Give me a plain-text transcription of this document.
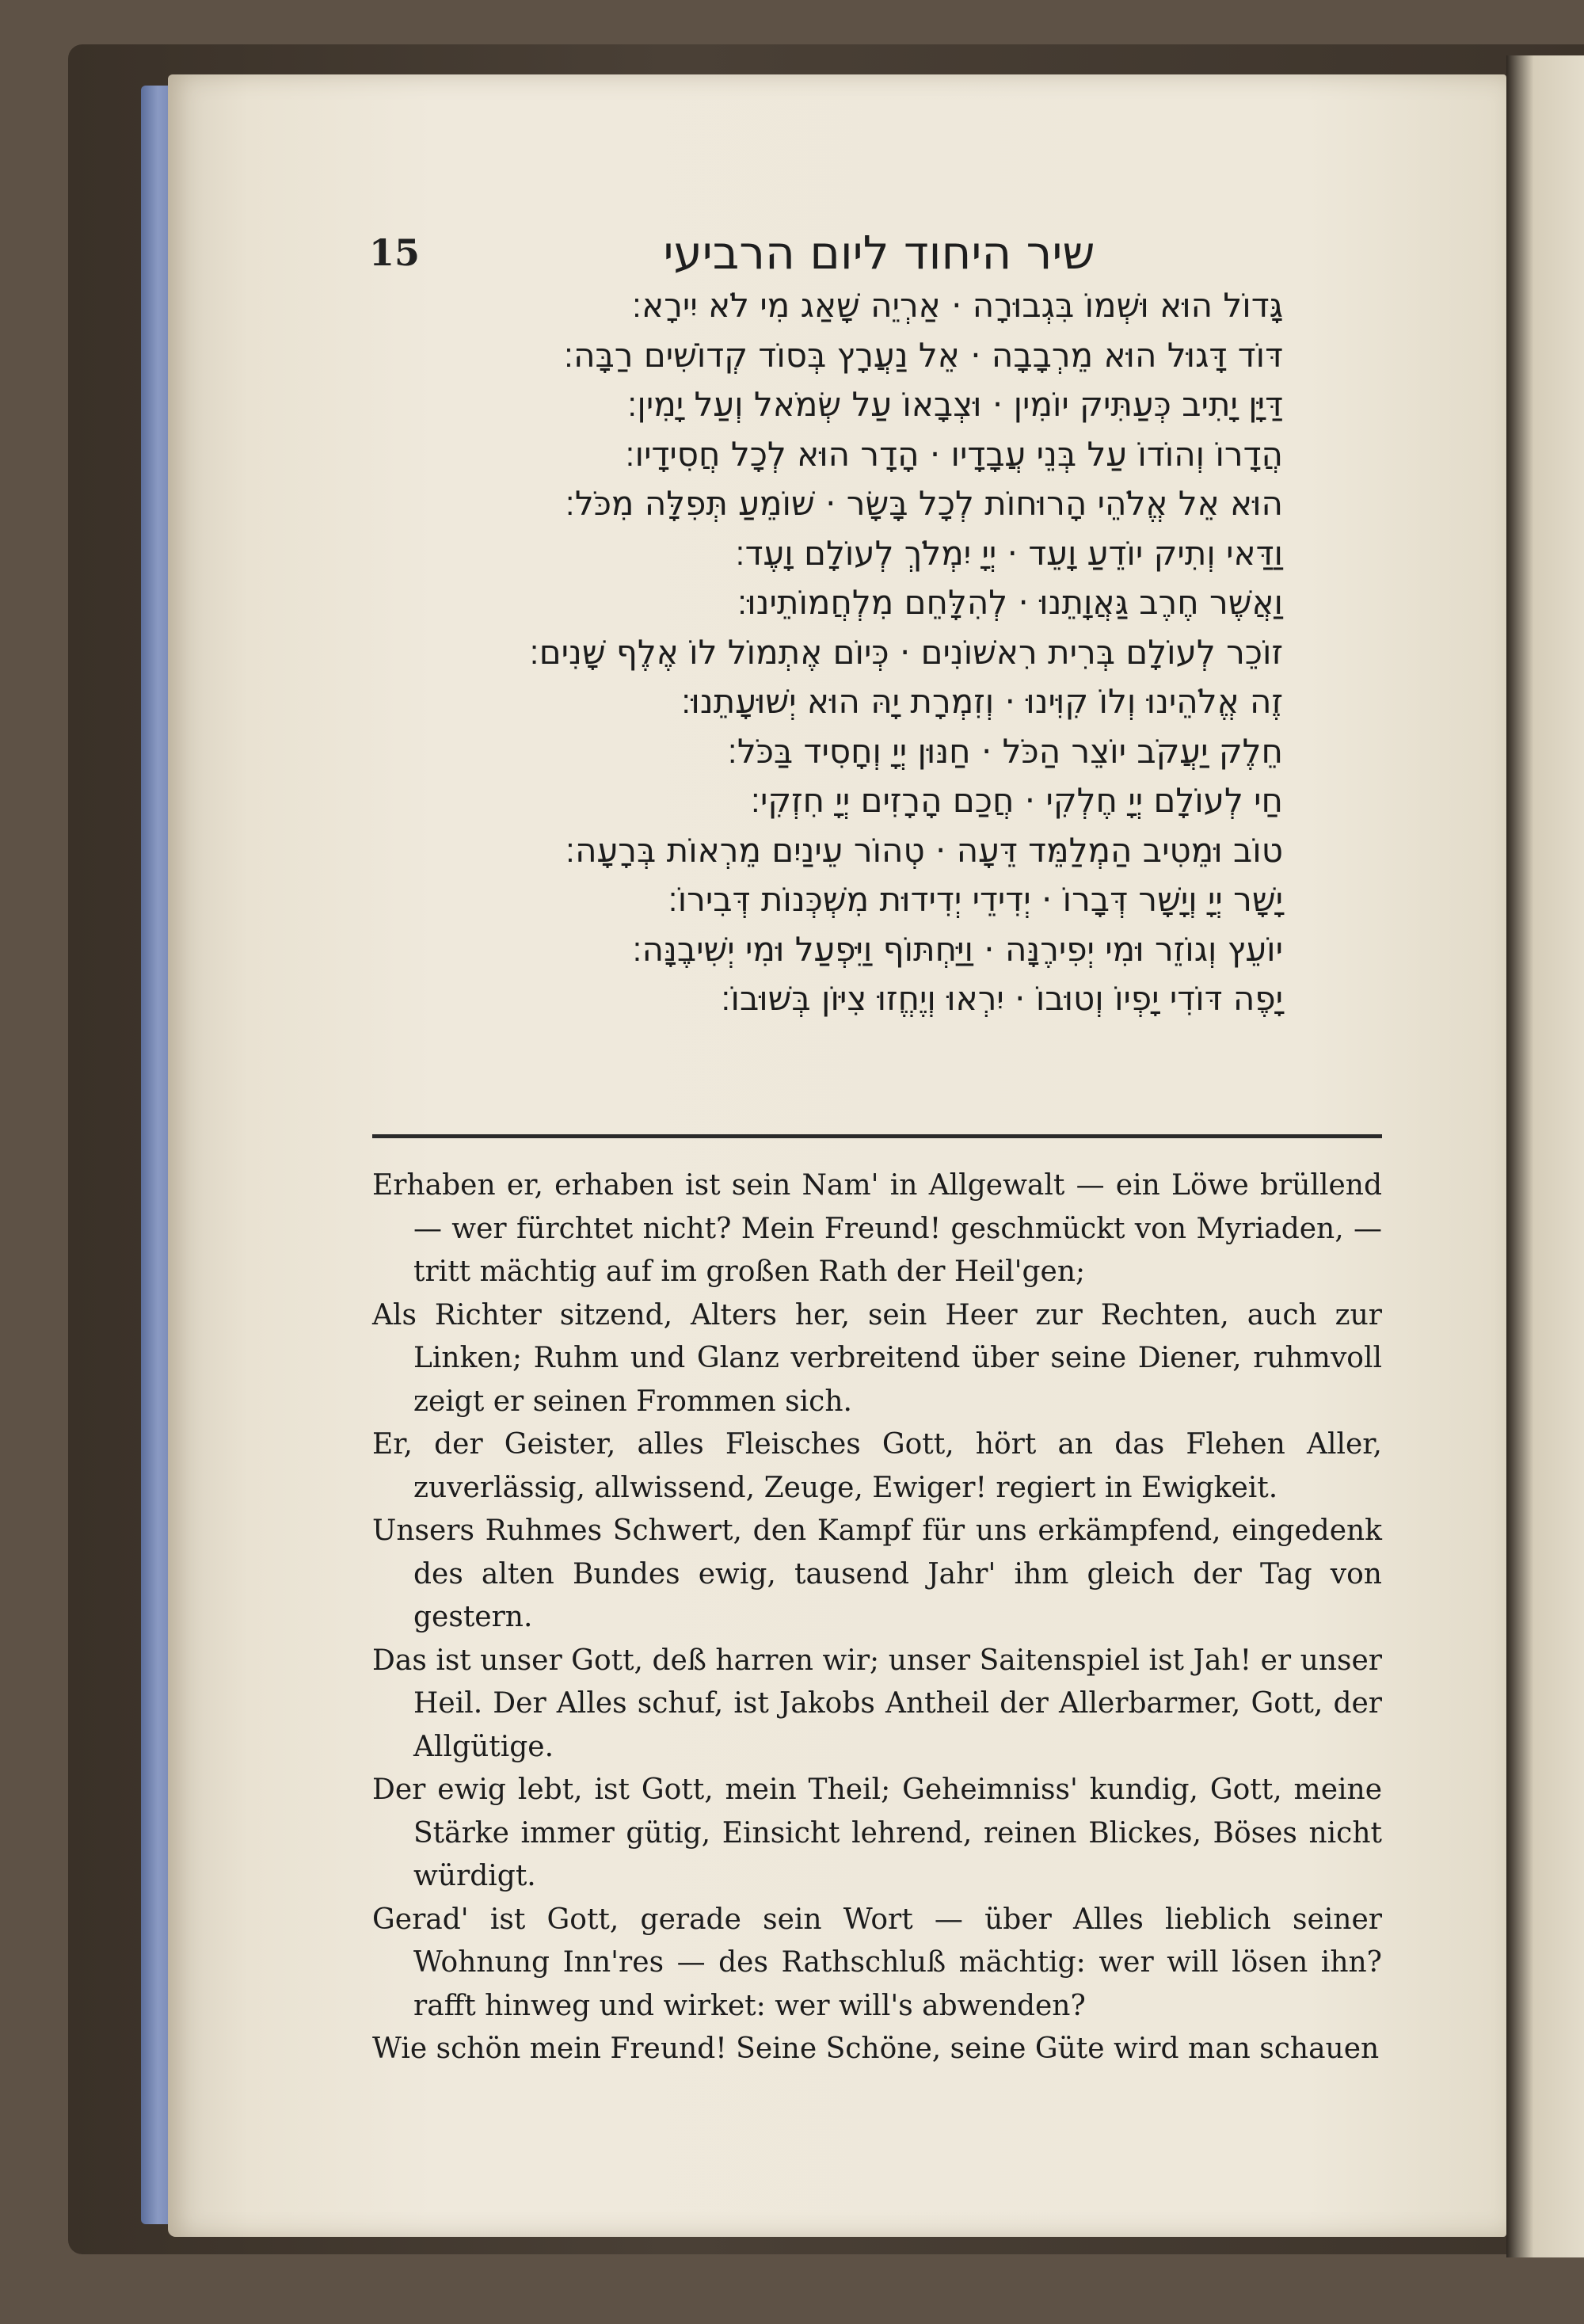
15	שיר היחוד ליום הרביעי
גָּדוֹל הוּא וּשְׁמוֹ בִּגְבוּרָה · אַרְיֵה שָׁאַג מִי לֹא יִירָא׃
דּוֹד דָּגוּל הוּא מֵרְבָבָה · אֵל נַעֲרָץ בְּסוֹד קְדוֹשִׁים רַבָּה׃
דַּיָּן יָתִיב כְּעַתִּיק יוֹמִין · וּצְבָאוֹ עַל שְׂמֹאל וְעַל יָמִין׃
הֲדָרוֹ וְהוֹדוֹ עַל בְּנֵי עֲבָדָיו · הָדָר הוּא לְכָל חֲסִידָיו׃
הוּא אֵל אֱלֹהֵי הָרוּחוֹת לְכָל בָּשָׂר · שׁוֹמֵעַ תְּפִלָּה מִכֹּל׃
וַדַּאי וְתִיק יוֹדֵעַ וָעֵד · יְיָ יִמְלֹךְ לְעוֹלָם וָעֶד׃
וַאֲשֶׁר חֶרֶב גַּאֲוָתֵנוּ · לְהִלָּחֵם מִלְחֲמוֹתֵינוּ׃
זוֹכֵר לְעוֹלָם בְּרִית רִאשׁוֹנִים · כְּיוֹם אֶתְמוֹל לוֹ אֶלֶף שָׁנִים׃
זֶה אֱלֹהֵינוּ וְלוֹ קִוִּינוּ · וְזִמְרָת יָהּ הוּא יְשׁוּעָתֵנוּ׃
חֵלֶק יַעֲקֹב יוֹצֵר הַכֹּל · חַנּוּן יְיָ וְחָסִיד בַּכֹּל׃
חַי לְעוֹלָם יְיָ חֶלְקִי · חֲכַם הָרָזִים יְיָ חִזְקִי׃
טוֹב וּמֵטִיב הַמְלַמֵּד דֵּעָה · טְהוֹר עֵינַיִם מֵרְאוֹת בְּרָעָה׃
יָשָׁר יְיָ וְיָשָׁר דְּבָרוֹ · יְדִידֵי יְדִידוּת מִשְׁכְּנוֹת דְּבִירוֹ׃
יוֹעֵץ וְגוֹזֵר וּמִי יְפִירֶנָּה · וַיַּחְתּוֹף וַיִּפְעַל וּמִי יְשִׁיבֶנָּה׃
יָפֶה דּוֹדִי יָפְיוֹ וְטוּבוֹ · יִרְאוּ וְיֶחֱזוּ צִיּוֹן בְּשׁוּבוֹ׃
Erhaben er, erhaben ist sein Nam' in Allgewalt — ein Löwe brüllend — wer fürchtet nicht? Mein Freund! geschmückt von Myriaden, — tritt mächtig auf im großen Rath der Heil'gen;
Als Richter sitzend, Alters her, sein Heer zur Rechten, auch zur Linken; Ruhm und Glanz verbreitend über seine Diener, ruhmvoll zeigt er seinen Frommen sich.
Er, der Geister, alles Fleisches Gott, hört an das Flehen Aller, zuverlässig, allwissend, Zeuge, Ewiger! regiert in Ewigkeit.
Unsers Ruhmes Schwert, den Kampf für uns erkämpfend, eingedenk des alten Bundes ewig, tausend Jahr' ihm gleich der Tag von gestern.
Das ist unser Gott, deß harren wir; unser Saitenspiel ist Jah! er unser Heil. Der Alles schuf, ist Jakobs Antheil der Allerbarmer, Gott, der Allgütige.
Der ewig lebt, ist Gott, mein Theil; Geheimniss' kundig, Gott, meine Stärke immer gütig, Einsicht lehrend, reinen Blickes, Böses nicht würdigt.
Gerad' ist Gott, gerade sein Wort — über Alles lieblich seiner Wohnung Inn'res — des Rathschluß mächtig: wer will lösen ihn? rafft hinweg und wirket: wer will's abwenden?
Wie schön mein Freund! Seine Schöne, seine Güte wird man schauen
